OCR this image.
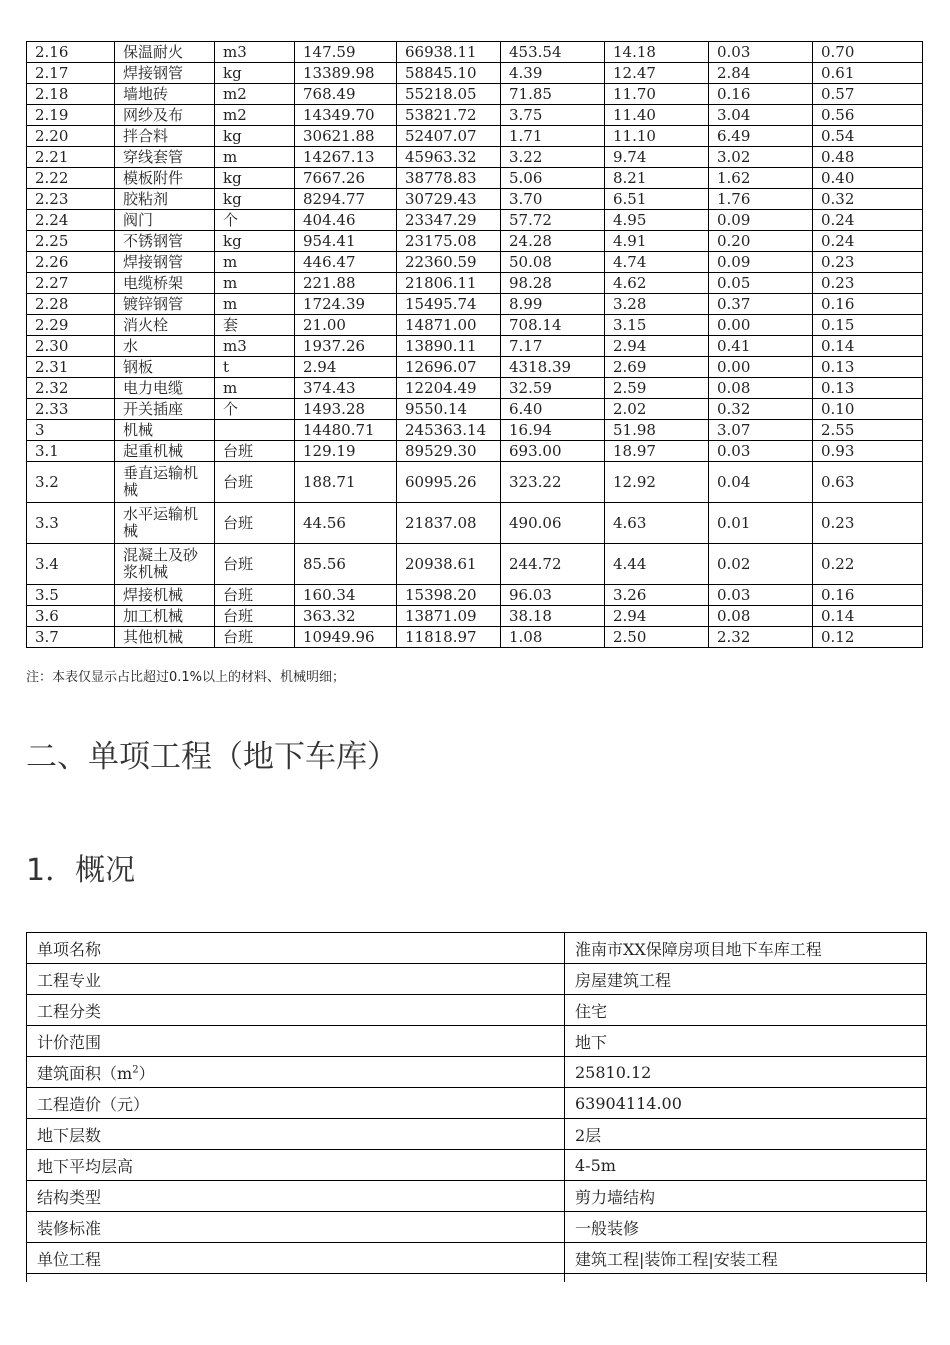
2.16	保温耐火	m3	147.59	66938.11	453.54	14.18	0.03	0.70
2.17	焊接钢管	kg	13389.98	58845.10	4.39	12.47	2.84	0.61
2.18	墙地砖	m2	768.49	55218.05	71.85	11.70	0.16	0.57
2.19	网纱及布	m2	14349.70	53821.72	3.75	11.40	3.04	0.56
2.20	拌合料	kg	30621.88	52407.07	1.71	11.10	6.49	0.54
2.21	穿线套管	m	14267.13	45963.32	3.22	9.74	3.02	0.48
2.22	模板附件	kg	7667.26	38778.83	5.06	8.21	1.62	0.40
2.23	胶粘剂	kg	8294.77	30729.43	3.70	6.51	1.76	0.32
2.24	阀门	个	404.46	23347.29	57.72	4.95	0.09	0.24
2.25	不锈钢管	kg	954.41	23175.08	24.28	4.91	0.20	0.24
2.26	焊接钢管	m	446.47	22360.59	50.08	4.74	0.09	0.23
2.27	电缆桥架	m	221.88	21806.11	98.28	4.62	0.05	0.23
2.28	镀锌钢管	m	1724.39	15495.74	8.99	3.28	0.37	0.16
2.29	消火栓	套	21.00	14871.00	708.14	3.15	0.00	0.15
2.30	水	m3	1937.26	13890.11	7.17	2.94	0.41	0.14
2.31	钢板	t	2.94	12696.07	4318.39	2.69	0.00	0.13
2.32	电力电缆	m	374.43	12204.49	32.59	2.59	0.08	0.13
2.33	开关插座	个	1493.28	9550.14	6.40	2.02	0.32	0.10
3	机械		14480.71	245363.14	16.94	51.98	3.07	2.55
3.1	起重机械	台班	129.19	89529.30	693.00	18.97	0.03	0.93
3.2	垂直运输机械	台班	188.71	60995.26	323.22	12.92	0.04	0.63
3.3	水平运输机械	台班	44.56	21837.08	490.06	4.63	0.01	0.23
3.4	混凝土及砂浆机械	台班	85.56	20938.61	244.72	4.44	0.02	0.22
3.5	焊接机械	台班	160.34	15398.20	96.03	3.26	0.03	0.16
3.6	加工机械	台班	363.32	13871.09	38.18	2.94	0.08	0.14
3.7	其他机械	台班	10949.96	11818.97	1.08	2.50	2.32	0.12
注：本表仅显示占比超过0.1%以上的材料、机械明细；
二、单项工程（地下车库）
1．概况
单项名称	淮南市XX保障房项目地下车库工程
工程专业	房屋建筑工程
工程分类	住宅
计价范围	地下
建筑面积$(m^2)$	25810.12
工程造价（元）	63904114.00
地下层数	2层
地下平均层高	4-5m
结构类型	剪力墙结构
装修标准	一般装修
单位工程	建筑工程|装饰工程|安装工程
